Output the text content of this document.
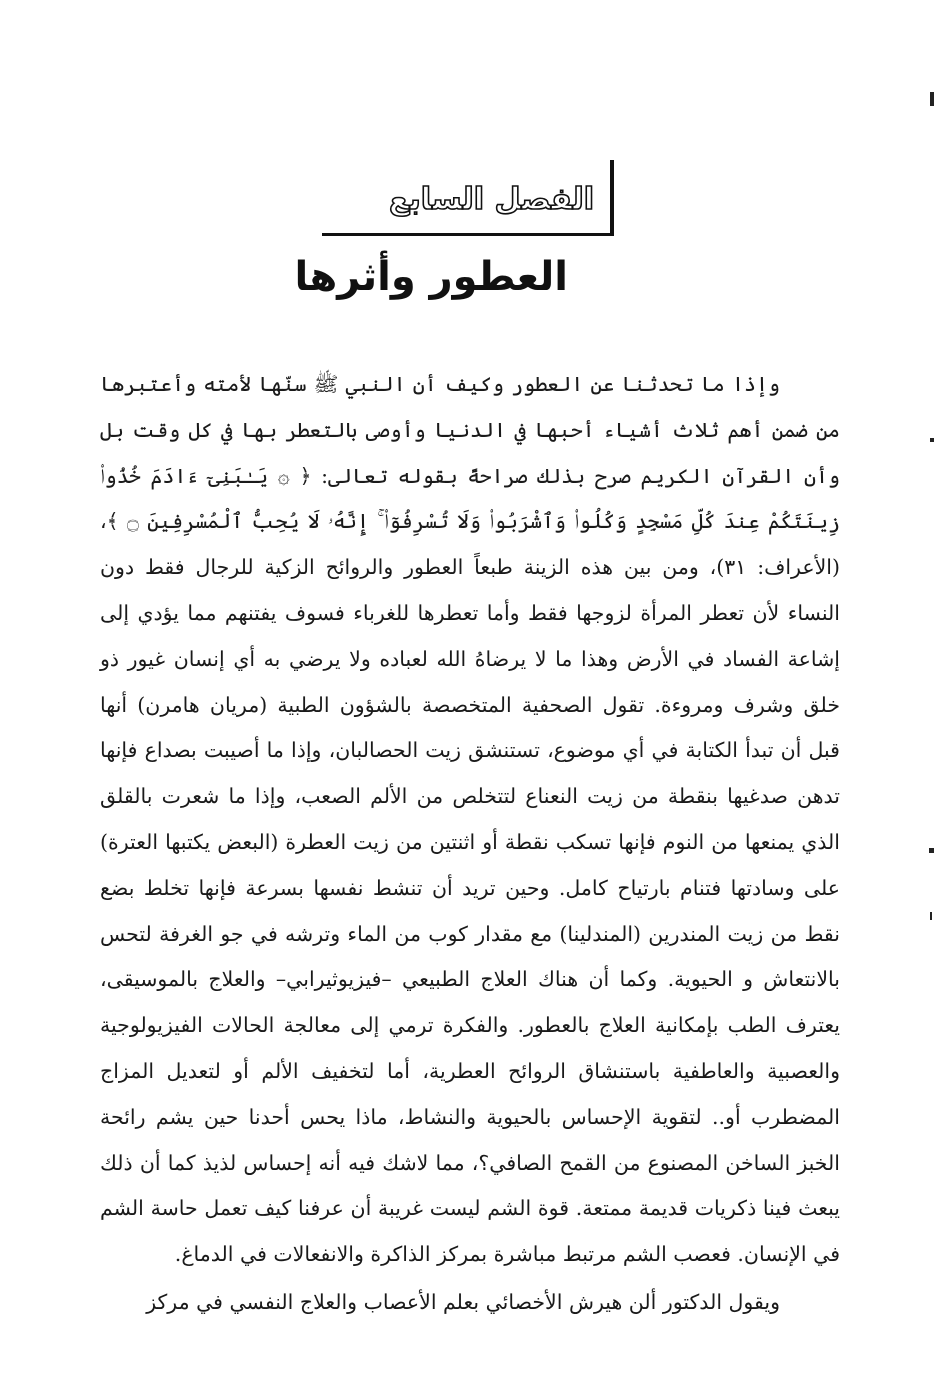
الفصل السابع
العطور وأثرها

وإذا ما تحدثنا عن العطور وكيف أن النبي ﷺ سنّها لأمته وأعتبرها من ضمن أهم ثلاث أشياء أحبها في الدنيا وأوصى بالتعطر بها في كل وقت بل وأن القرآن الكريم صرح بذلك صراحةً بقوله تعالى: ﴿ ۞ يَـٰبَنِىٓ ءَادَمَ خُذُوا۟ زِينَتَكُمْ عِندَ كُلِّ مَسْجِدٍ وَكُلُوا۟ وَٱشْرَبُوا۟ وَلَا تُسْرِفُوٓا۟ ۚ إِنَّهُۥ لَا يُحِبُّ ٱلْمُسْرِفِينَ ۝ ﴾، (الأعراف: ٣١)، ومن بين هذه الزينة طبعاً العطور والروائح الزكية للرجال فقط دون النساء لأن تعطر المرأة لزوجها فقط وأما تعطرها للغرباء فسوف يفتنهم مما يؤدي إلى إشاعة الفساد في الأرض وهذا ما لا يرضاهُ الله لعباده ولا يرضي به أي إنسان غيور ذو خلق وشرف ومروءة. تقول الصحفية المتخصصة بالشؤون الطبية (مريان هامرن) أنها قبل أن تبدأ الكتابة في أي موضوع، تستنشق زيت الحصالبان، وإذا ما أصيبت بصداع فإنها تدهن صدغيها بنقطة من زيت النعناع لتتخلص من الألم الصعب، وإذا ما شعرت بالقلق الذي يمنعها من النوم فإنها تسكب نقطة أو اثنتين من زيت العطرة (البعض يكتبها العترة) على وسادتها فتنام بارتياح كامل. وحين تريد أن تنشط نفسها بسرعة فإنها تخلط بضع نقط من زيت المندرين (المندلينا) مع مقدار كوب من الماء وترشه في جو الغرفة لتحس بالانتعاش و الحيوية. وكما أن هناك العلاج الطبيعي –فيزيوثيرابي– والعلاج بالموسيقى، يعترف الطب بإمكانية العلاج بالعطور. والفكرة ترمي إلى معالجة الحالات الفيزيولوجية والعصبية والعاطفية باستنشاق الروائح العطرية، أما لتخفيف الألم أو لتعديل المزاج المضطرب أو.. لتقوية الإحساس بالحيوية والنشاط، ماذا يحس أحدنا حين يشم رائحة الخبز الساخن المصنوع من القمح الصافي؟، مما لاشك فيه أنه إحساس لذيذ كما أن ذلك يبعث فينا ذكريات قديمة ممتعة. قوة الشم ليست غريبة أن عرفنا كيف تعمل حاسة الشم في الإنسان. فعصب الشم مرتبط مباشرة بمركز الذاكرة والانفعالات في الدماغ.

ويقول الدكتور ألن هيرش الأخصائي بعلم الأعصاب والعلاج النفسي في مركز
